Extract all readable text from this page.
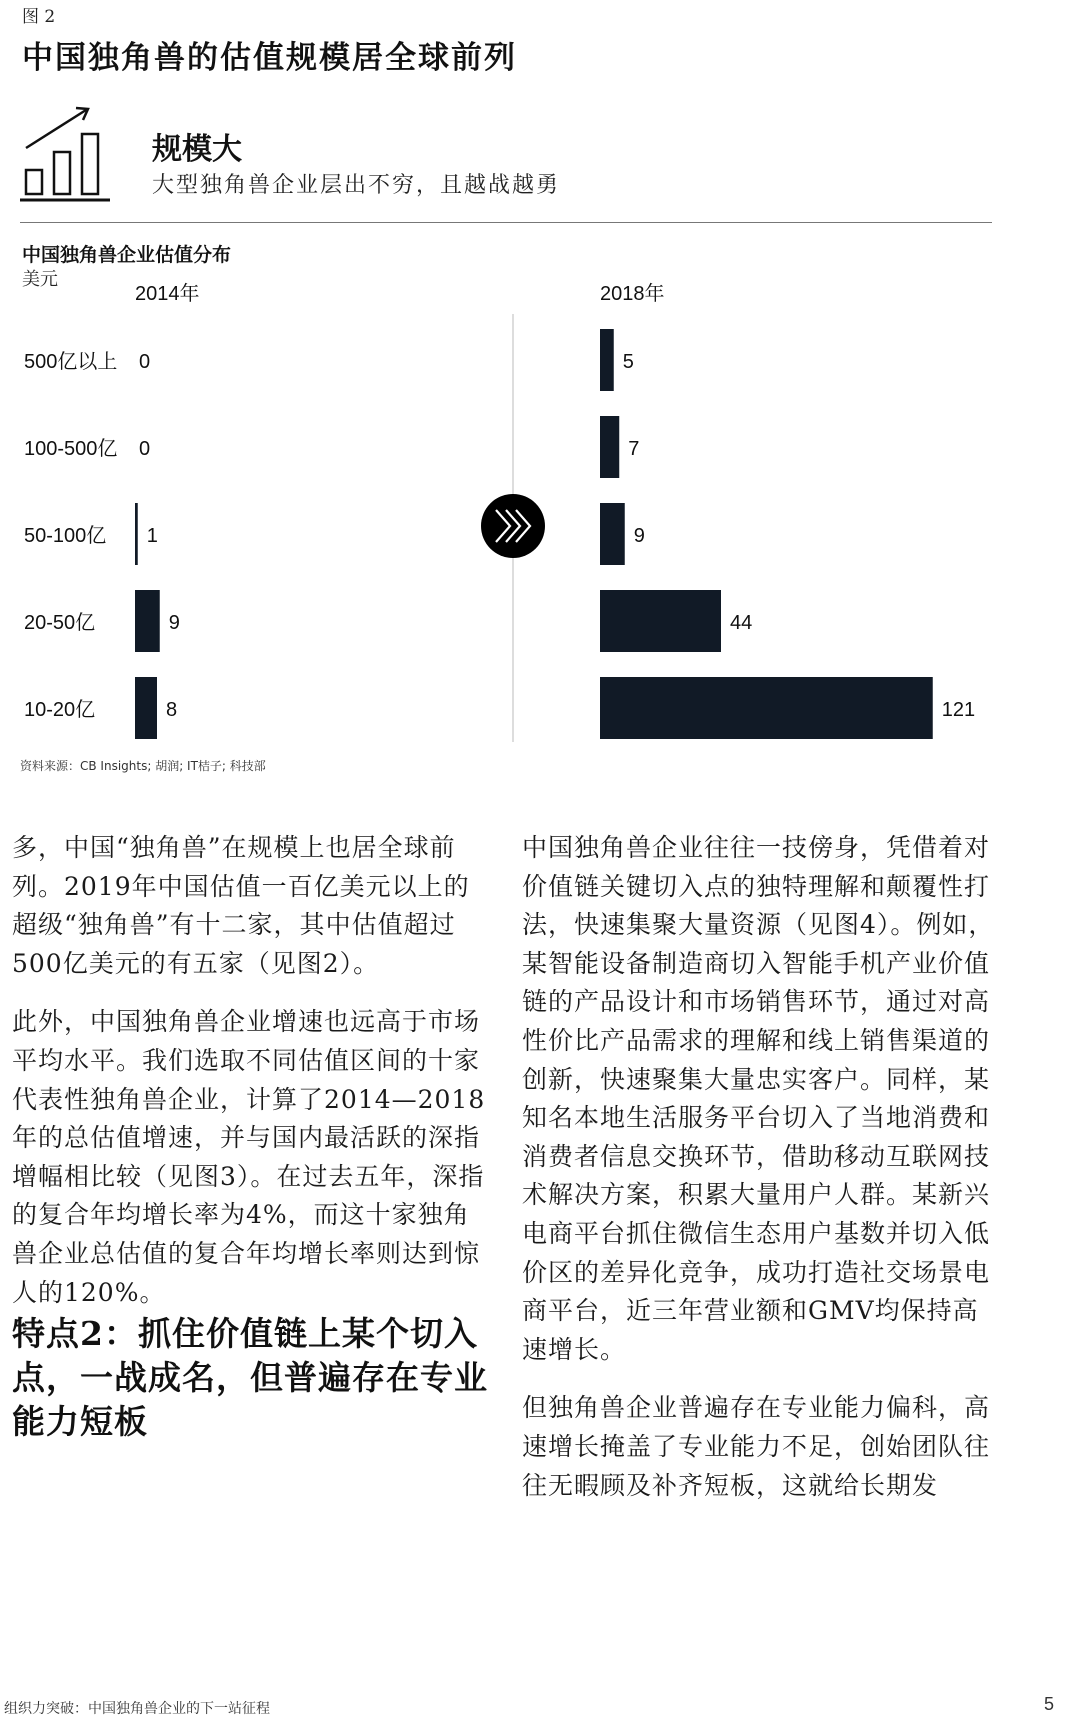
图 2
中国独角兽的估值规模居全球前列
规模大
大型独角兽企业层出不穷，且越战越勇
中国独角兽企业估值分布
美元
500亿以上
100-500亿
50-100亿
20-50亿
10-20亿
2014年
0
0
1
9
8
2018年
5
7
9
44
121
资料来源：CB Insights; 胡润; IT桔子; 科技部

多，中国“独角兽”在规模上也居全球前列。2019年中国估值一百亿美元以上的超级“独角兽”有十二家，其中估值超过500亿美元的有五家（见图2）。

此外，中国独角兽企业增速也远高于市场平均水平。我们选取不同估值区间的十家代表性独角兽企业，计算了2014—2018年的总估值增速，并与国内最活跃的深指增幅相比较（见图3）。在过去五年，深指的复合年均增长率为4%，而这十家独角兽企业总估值的复合年均增长率则达到惊人的120%。

特点2：抓住价值链上某个切入点，一战成名，但普遍存在专业能力短板

中国独角兽企业往往一技傍身，凭借着对价值链关键切入点的独特理解和颠覆性打法，快速集聚大量资源（见图4）。例如，某智能设备制造商切入智能手机产业价值链的产品设计和市场销售环节，通过对高性价比产品需求的理解和线上销售渠道的创新，快速聚集大量忠实客户。同样，某知名本地生活服务平台切入了当地消费和消费者信息交换环节，借助移动互联网技术解决方案，积累大量用户人群。某新兴电商平台抓住微信生态用户基数并切入低价区的差异化竞争，成功打造社交场景电商平台，近三年营业额和GMV均保持高速增长。

但独角兽企业普遍存在专业能力偏科，高速增长掩盖了专业能力不足，创始团队往往无暇顾及补齐短板，这就给长期发

组织力突破：中国独角兽企业的下一站征程	5
